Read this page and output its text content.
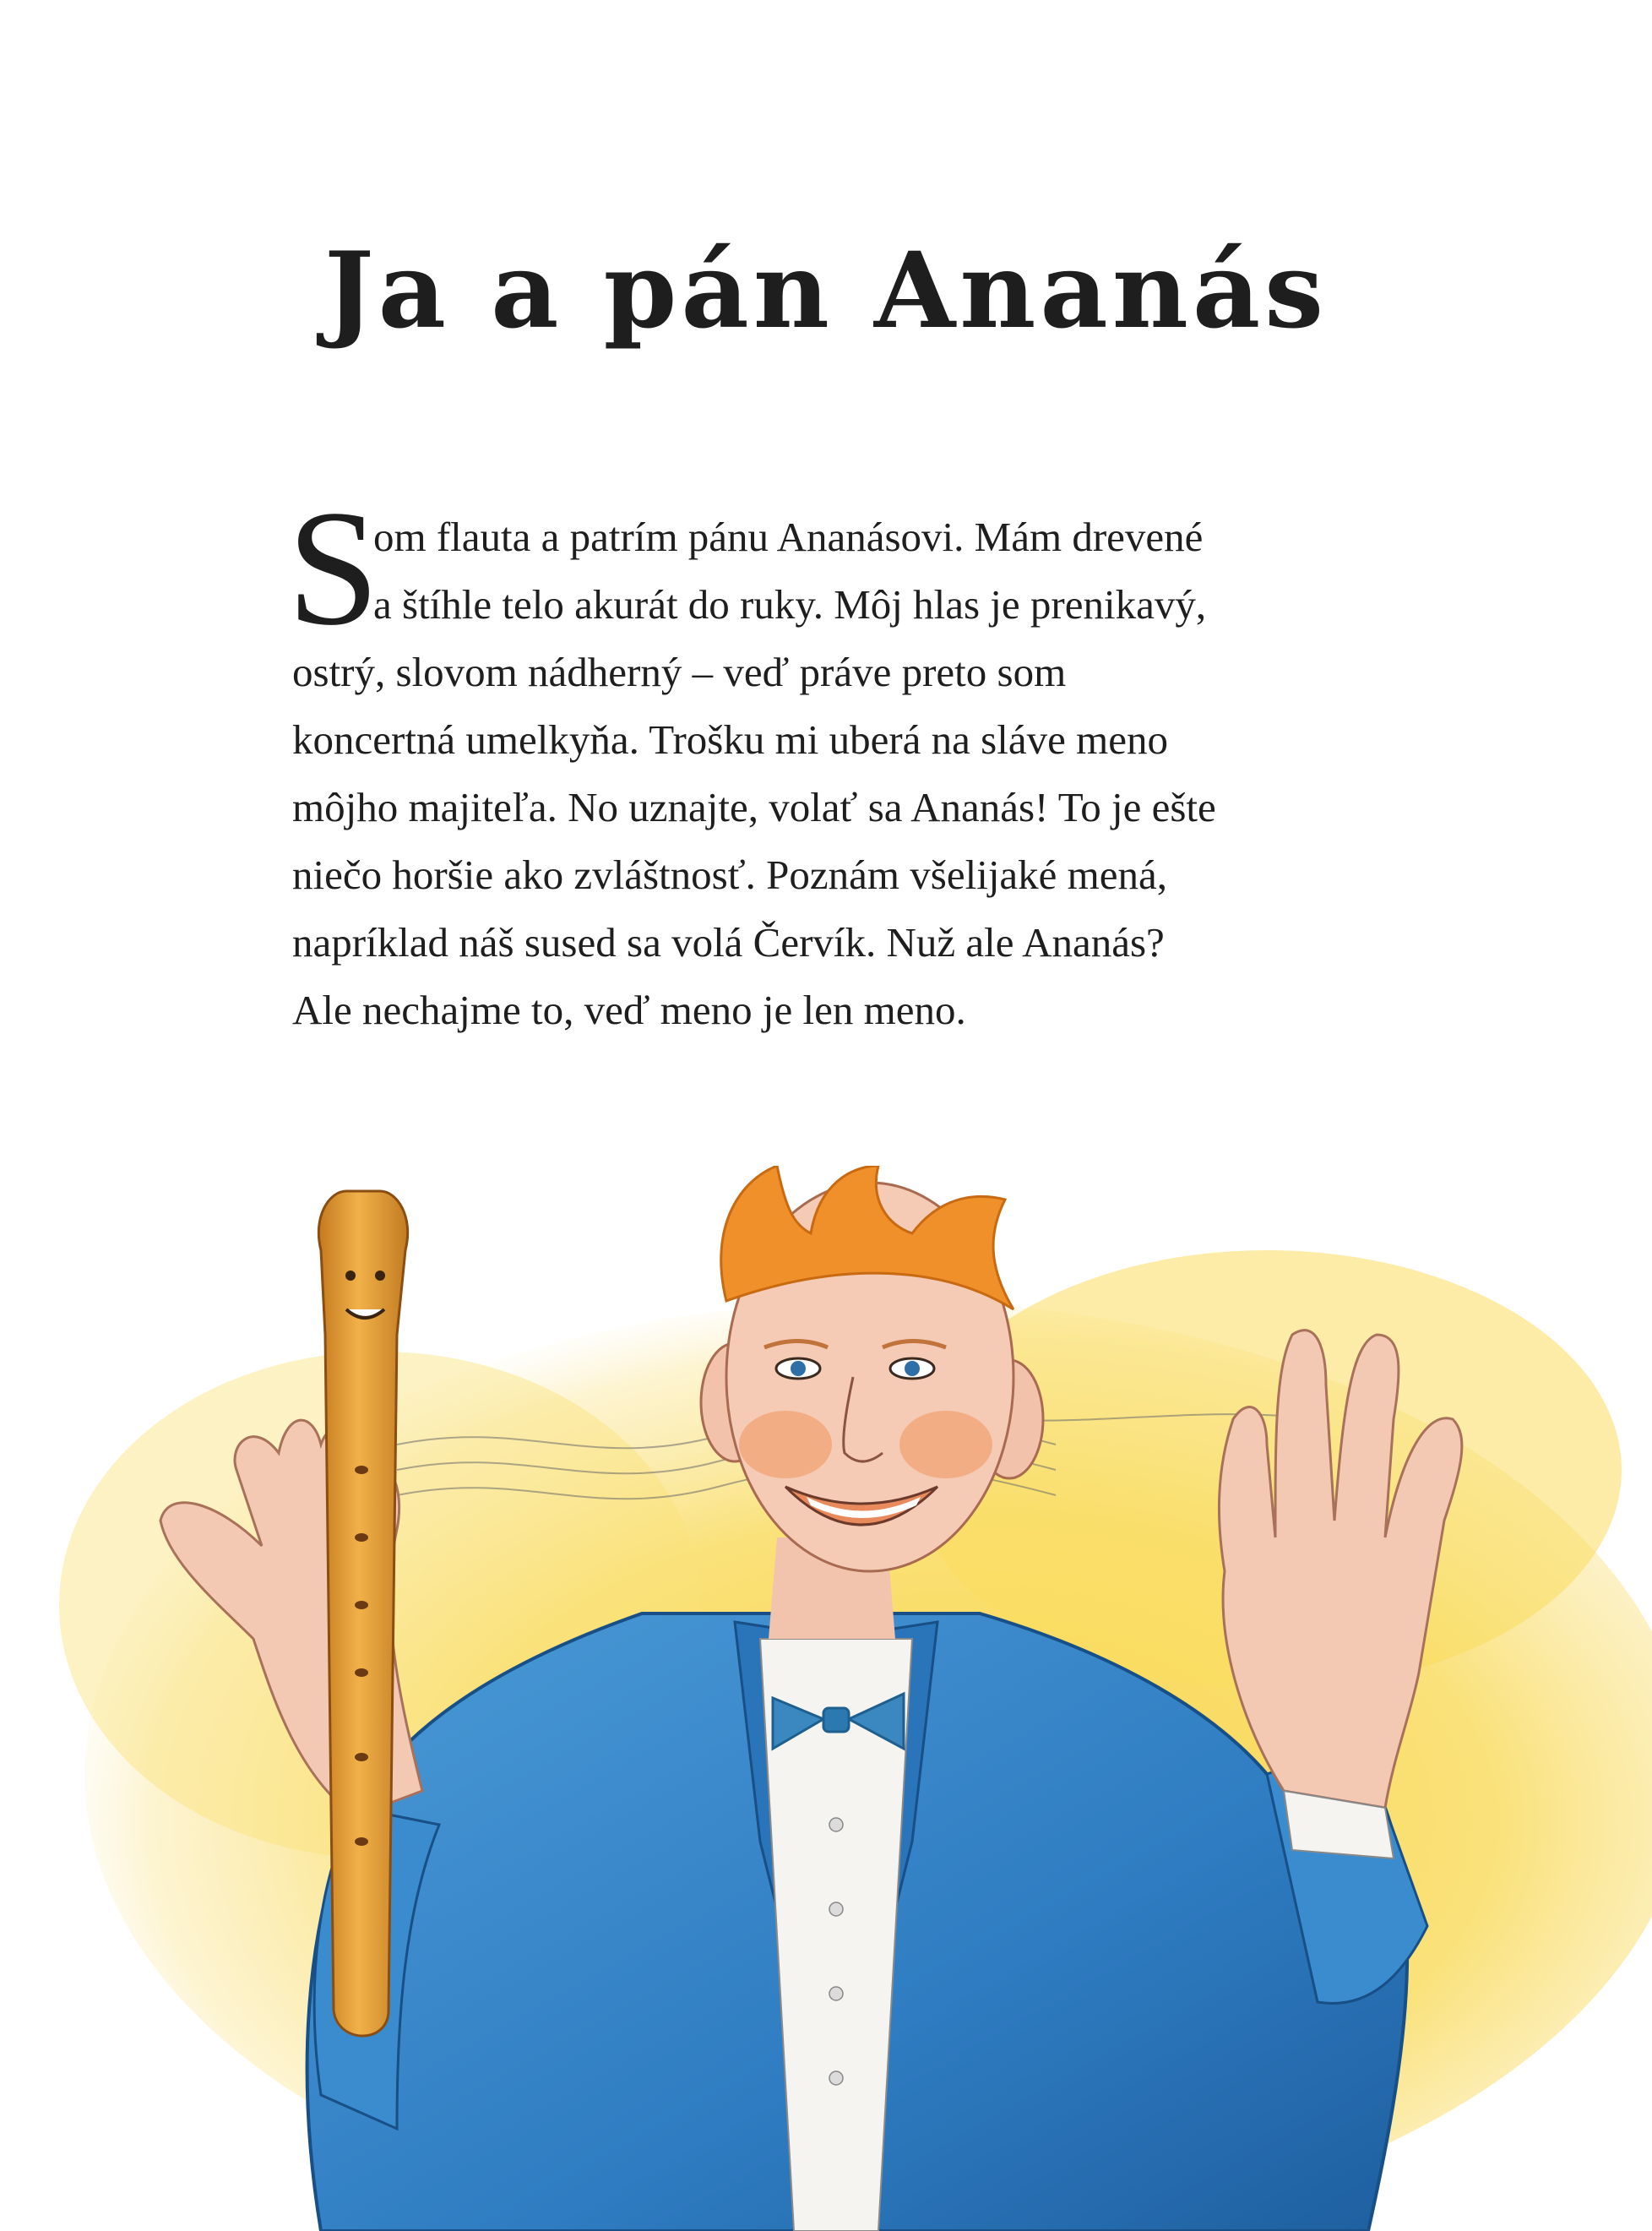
Ja a pán Ananás
S
om flauta a patrím pánu Ananásovi. Mám drevené
a štíhle telo akurát do ruky. Môj hlas je prenikavý,
ostrý, slovom nádherný – veď práve preto som
koncertná umelkyňa. Trošku mi uberá na sláve meno
môjho majiteľa. No uznajte, volať sa Ananás! To je ešte
niečo horšie ako zvláštnosť. Poznám všelijaké mená,
napríklad náš sused sa volá Červík. Nuž ale Ananás?
Ale nechajme to, veď meno je len meno.
